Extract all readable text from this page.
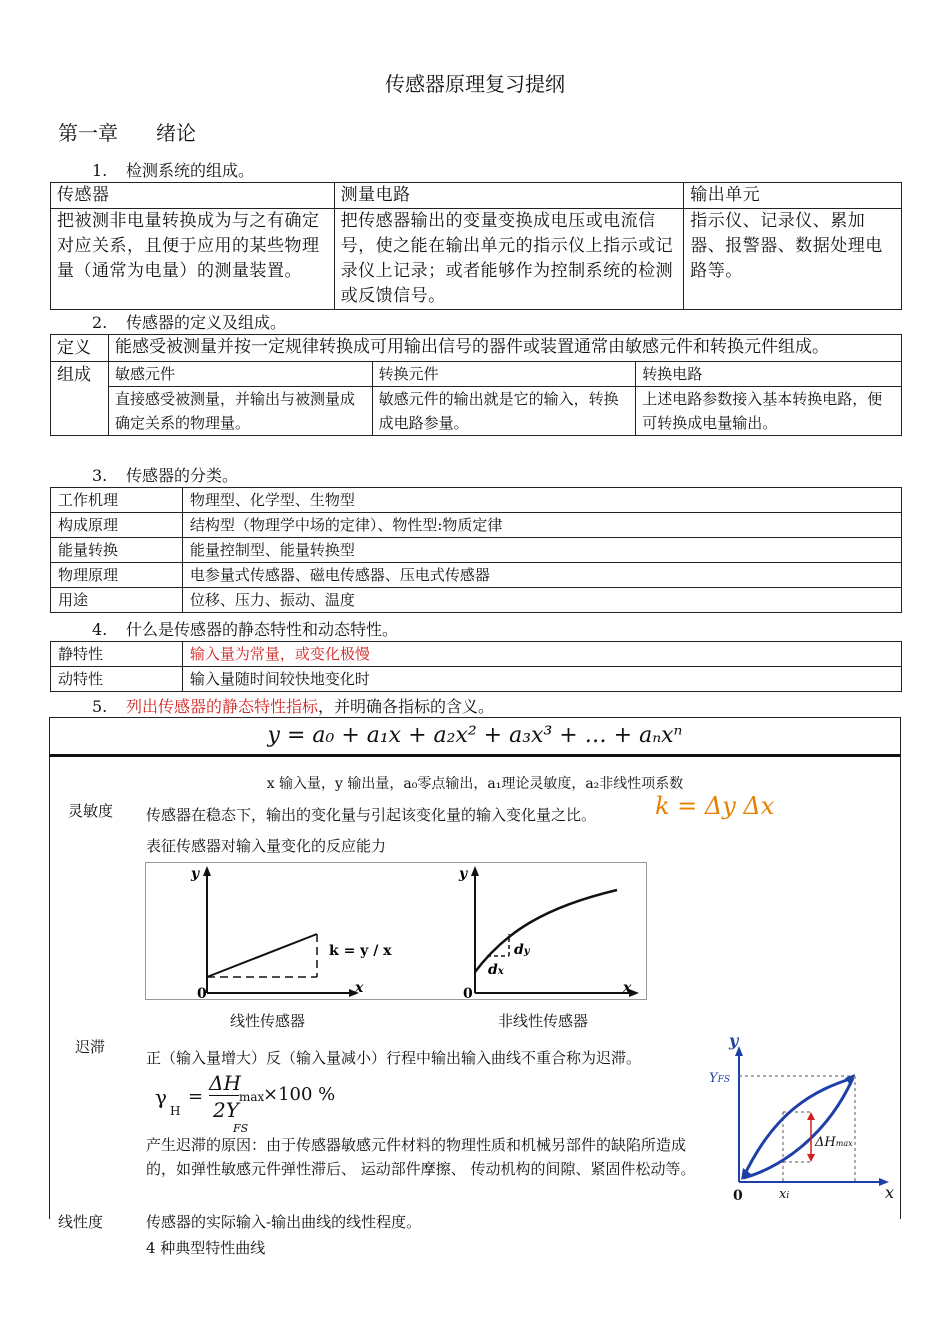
传感器原理复习提纲
第一章 绪论
1. 检测系统的组成。
传感器	测量电路	输出单元
把被测非电量转换成为与之有确定对应关系，且便于应用的某些物理量（通常为电量）的测量装置。	把传感器输出的变量变换成电压或电流信号，使之能在输出单元的指示仪上指示或记录仪上记录；或者能够作为控制系统的检测或反馈信号。	指示仪、记录仪、累加器、报警器、数据处理电路等。
2. 传感器的定义及组成。
定义	能感受被测量并按一定规律转换成可用输出信号的器件或装置通常由敏感元件和转换元件组成。		
组成	敏感元件	转换元件	转换电路
	直接感受被测量，并输出与被测量成确定关系的物理量。	敏感元件的输出就是它的输入，转换成电路参量。	上述电路参数接入基本转换电路，便可转换成电量输出。
3. 传感器的分类。
工作机理	物理型、化学型、生物型
构成原理	结构型（物理学中场的定律）、物性型:物质定律
能量转换	能量控制型、能量转换型
物理原理	电参量式传感器、磁电传感器、压电式传感器
用途	位移、压力、振动、温度
4. 什么是传感器的静态特性和动态特性。
静特性	输入量为常量，或变化极慢
动特性	输入量随时间较快地变化时
5. 列出传感器的静态特性指标，并明确各指标的含义。
y = a₀ + a₁x + a₂x² + a₃x³ + … + aₙxⁿ
x 输入量，y 输出量，a₀零点输出，a₁理论灵敏度，a₂非线性项系数
灵敏度 传感器在稳态下，输出的变化量与引起该变化量的输入变化量之比。 k = Δy Δx
表征传感器对输入量变化的反应能力
y
0	x
k = y / x
y
0	x
dy
dx
线性传感器	非线性传感器
迟滞
正（输入量增大）反（输入量减小）行程中输出输入曲线不重合称为迟滞。
γ
H
=
ΔH
2Y
FS
max
×100 %
产生迟滞的原因：由于传感器敏感元件材料的物理性质和机械另部件的缺陷所造成的，如弹性敏感元件弹性滞后、 运动部件摩擦、 传动机构的间隙、紧固件松动等。
y
x
0
YFS
ΔHmax
xi
线性度	传感器的实际输入-输出曲线的线性程度。
4 种典型特性曲线
